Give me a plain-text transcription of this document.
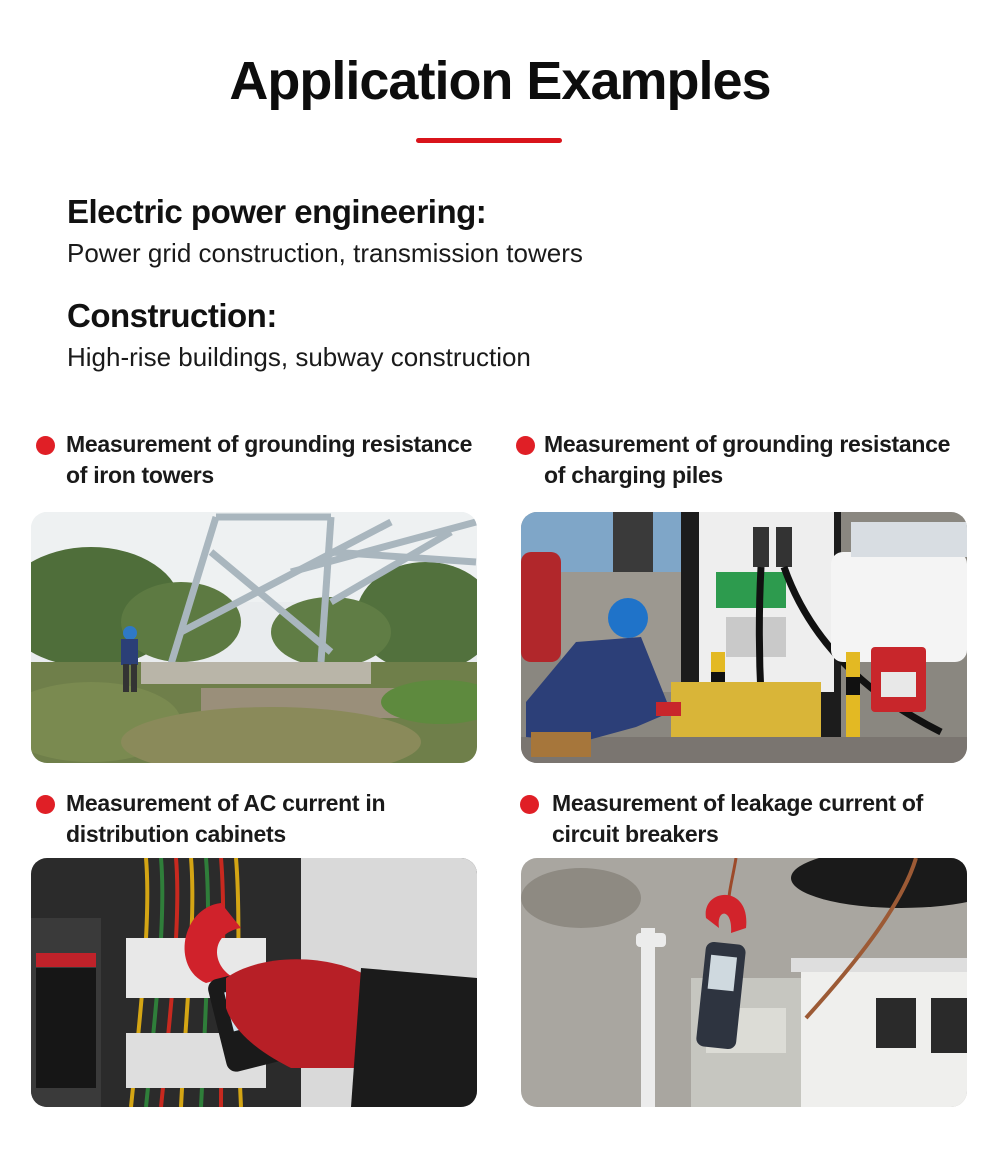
Application Examples
Electric power engineering:

Power grid construction, transmission towers

Construction:

High-rise buildings, subway construction

Measurement of grounding resistance
of iron towers
Measurement of grounding resistance
of charging piles
Measurement of AC current in
distribution cabinets
Measurement of leakage current of
circuit breakers
